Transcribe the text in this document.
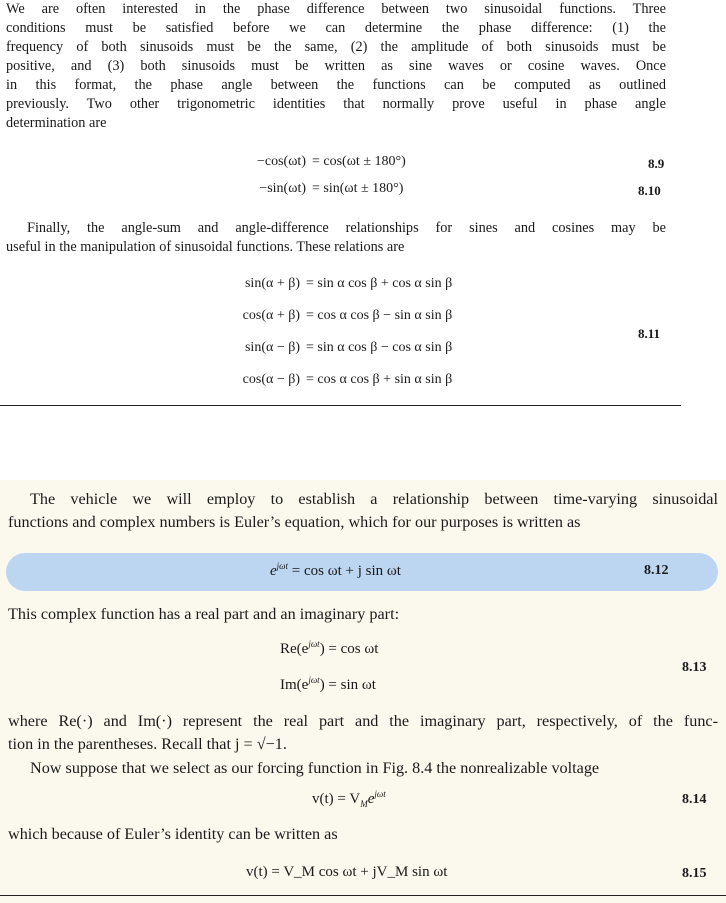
We are often interested in the phase difference between two sinusoidal functions. Three
conditions must be satisfied before we can determine the phase difference: (1) the
frequency of both sinusoids must be the same, (2) the amplitude of both sinusoids must be
positive, and (3) both sinusoids must be written as sine waves or cosine waves. Once
in this format, the phase angle between the functions can be computed as outlined
previously. Two other trigonometric identities that normally prove useful in phase angle
determination are
−cos(ωt) = cos(ωt ± 180°)	8.9
−sin(ωt) = sin(ωt ± 180°)	8.10
Finally, the angle-sum and angle-difference relationships for sines and cosines may be
useful in the manipulation of sinusoidal functions. These relations are
sin(α + β) = sin α cos β + cos α sin β
cos(α + β) = cos α cos β − sin α sin β
sin(α − β) = sin α cos β − cos α sin β
cos(α − β) = cos α cos β + sin α sin β
8.11
The vehicle we will employ to establish a relationship between time-varying sinusoidal
functions and complex numbers is Euler’s equation, which for our purposes is written as
$e^{j\omega t} = \cos \omega t + j$ sin ωt	8.12
This complex function has a real part and an imaginary part:
$Re(e^{j\omega t}) = \cos \omega t$
$Im(e^{j\omega t}) = \sin \omega t$
8.13
where Re(·) and Im(·) represent the real part and the imaginary part, respectively, of the func-
tion in the parentheses. Recall that j = √−1.
Now suppose that we select as our forcing function in Fig. 8.4 the nonrealizable voltage
$v(t) = V_Me^{j\omega t}$	8.14
which because of Euler’s identity can be written as
v(t) = V_M cos ωt + jV_M sin ωt	8.15
